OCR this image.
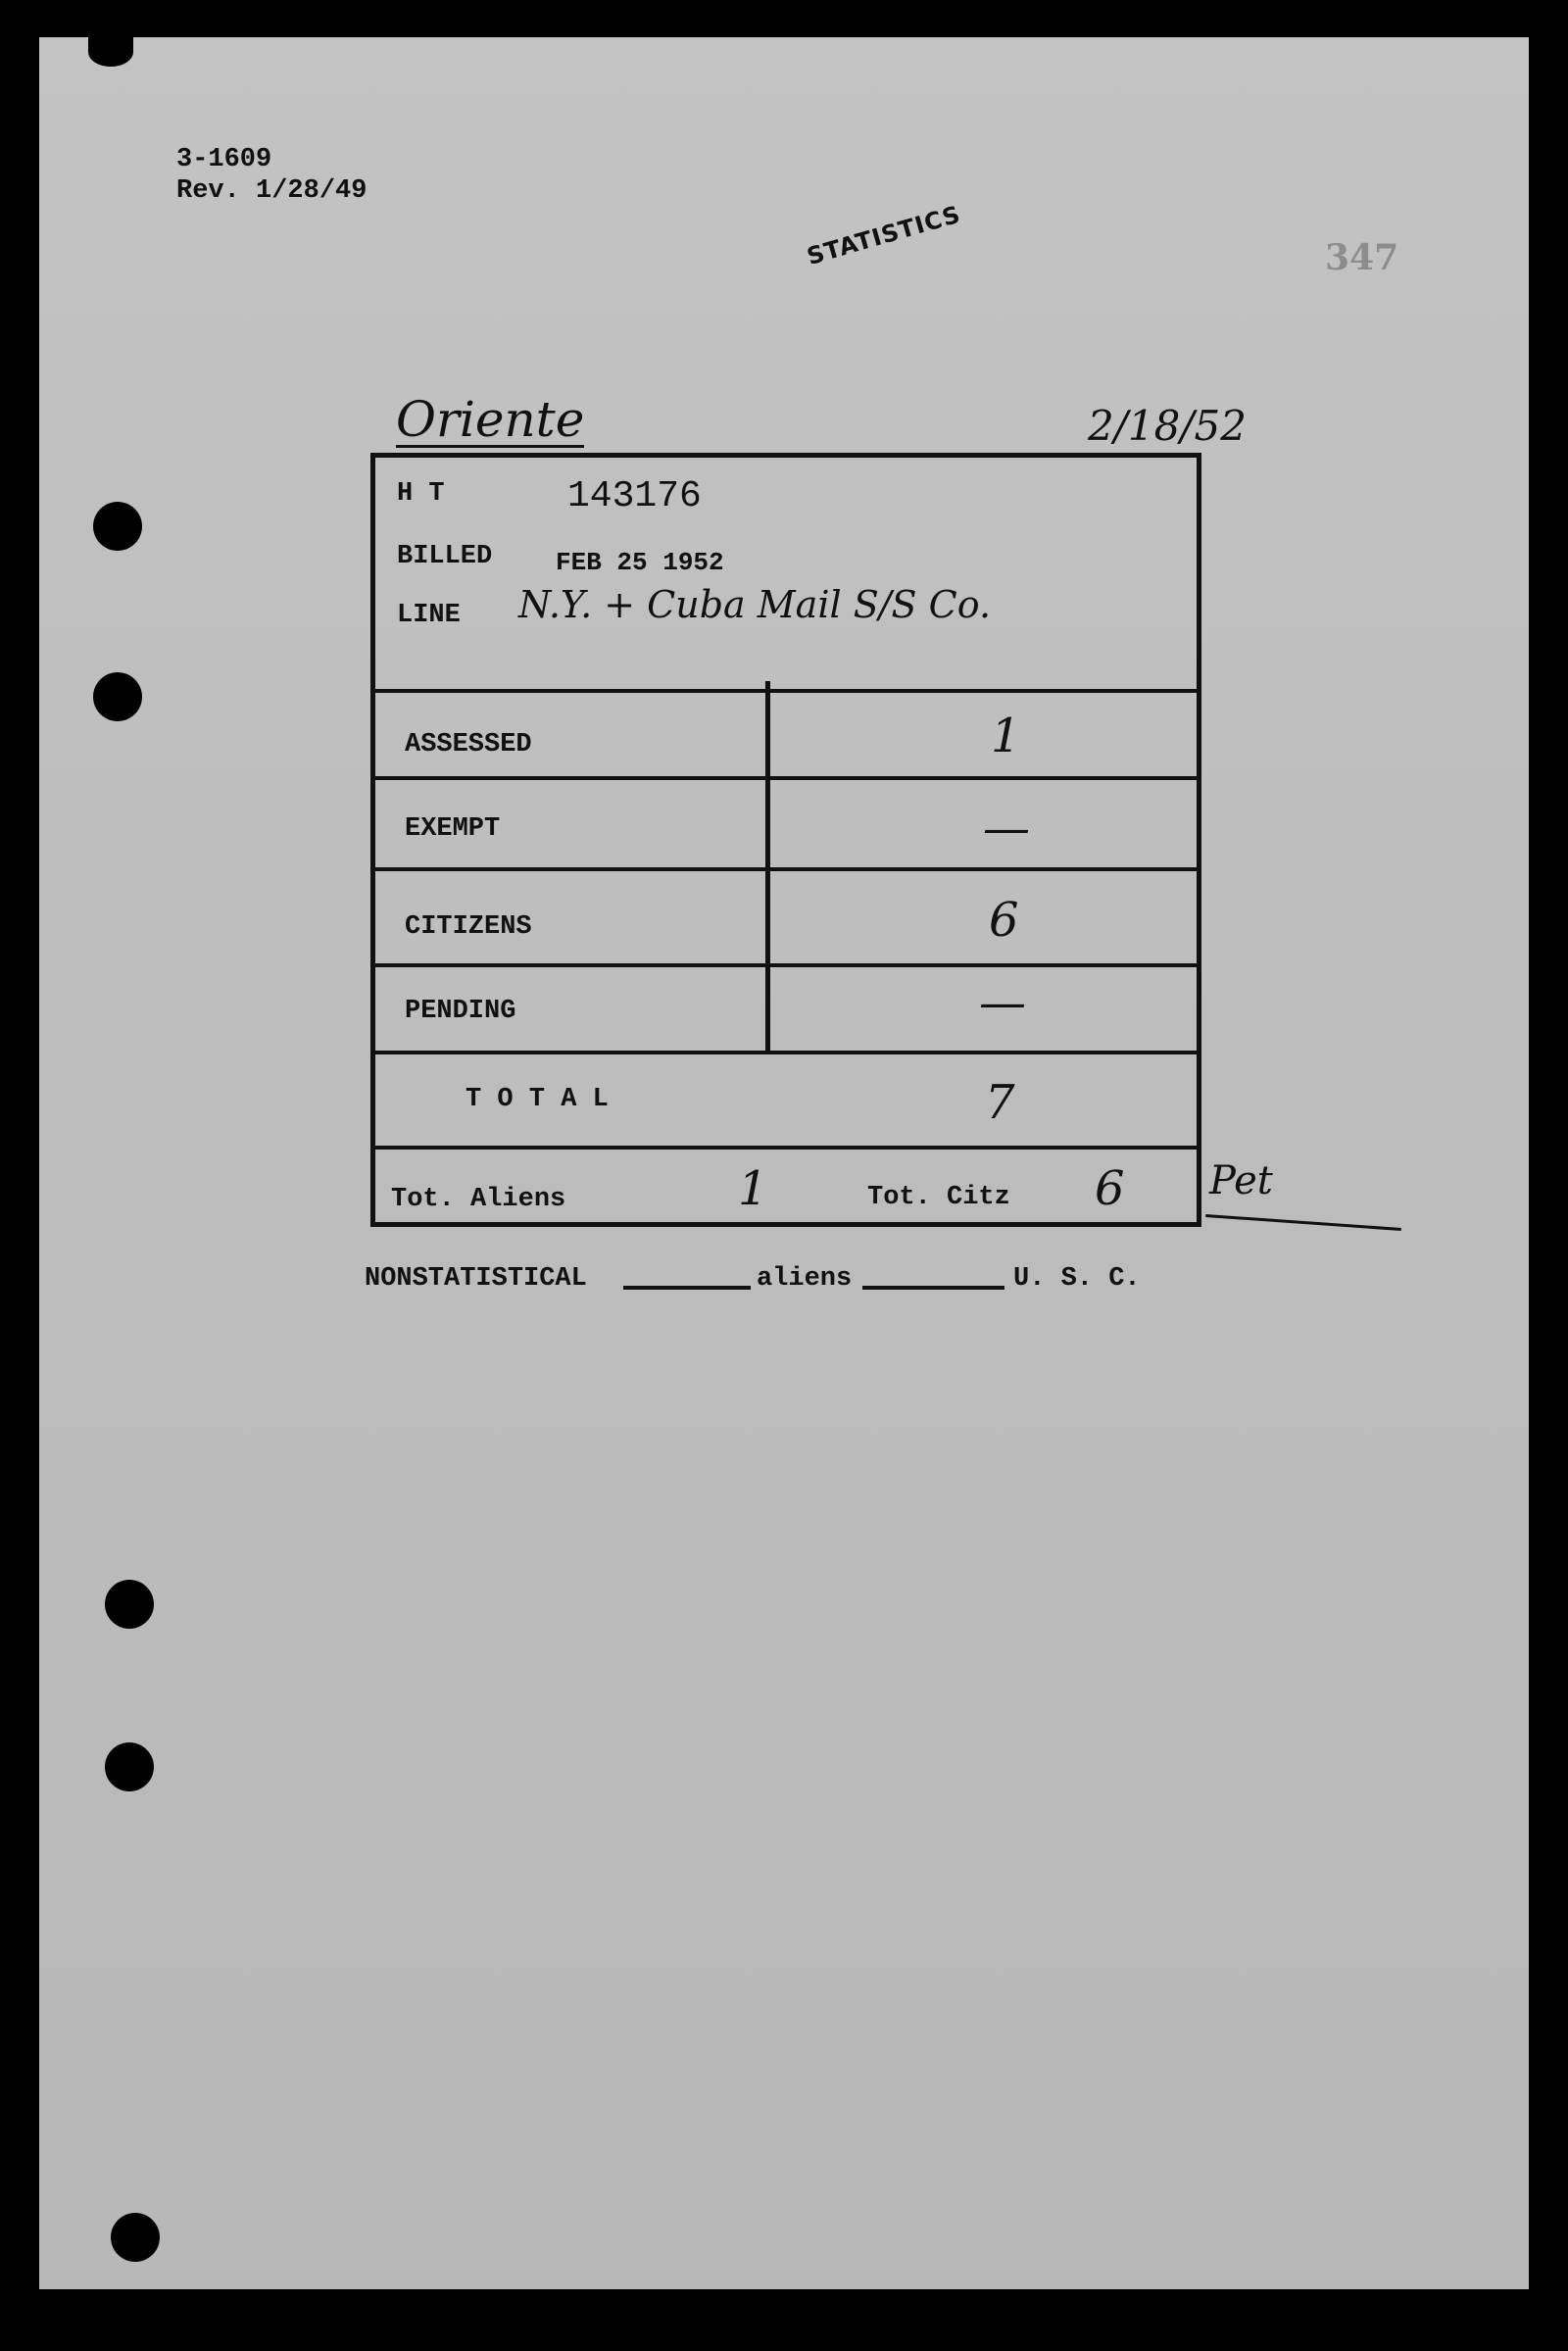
3-1609
Rev. 1/28/49
STATISTICS	347
Oriente	2/18/52
H T	143176
BILLED FEB 25 1952
LINE N.Y. + Cuba Mail S/S Co.
ASSESSED	1
EXEMPT	—
CITIZENS	6
PENDING	—
T O T A L	7
Tot. Aliens	1	Tot. Citz 6 Pet
NONSTATISTICAL	aliens	U. S. C.
